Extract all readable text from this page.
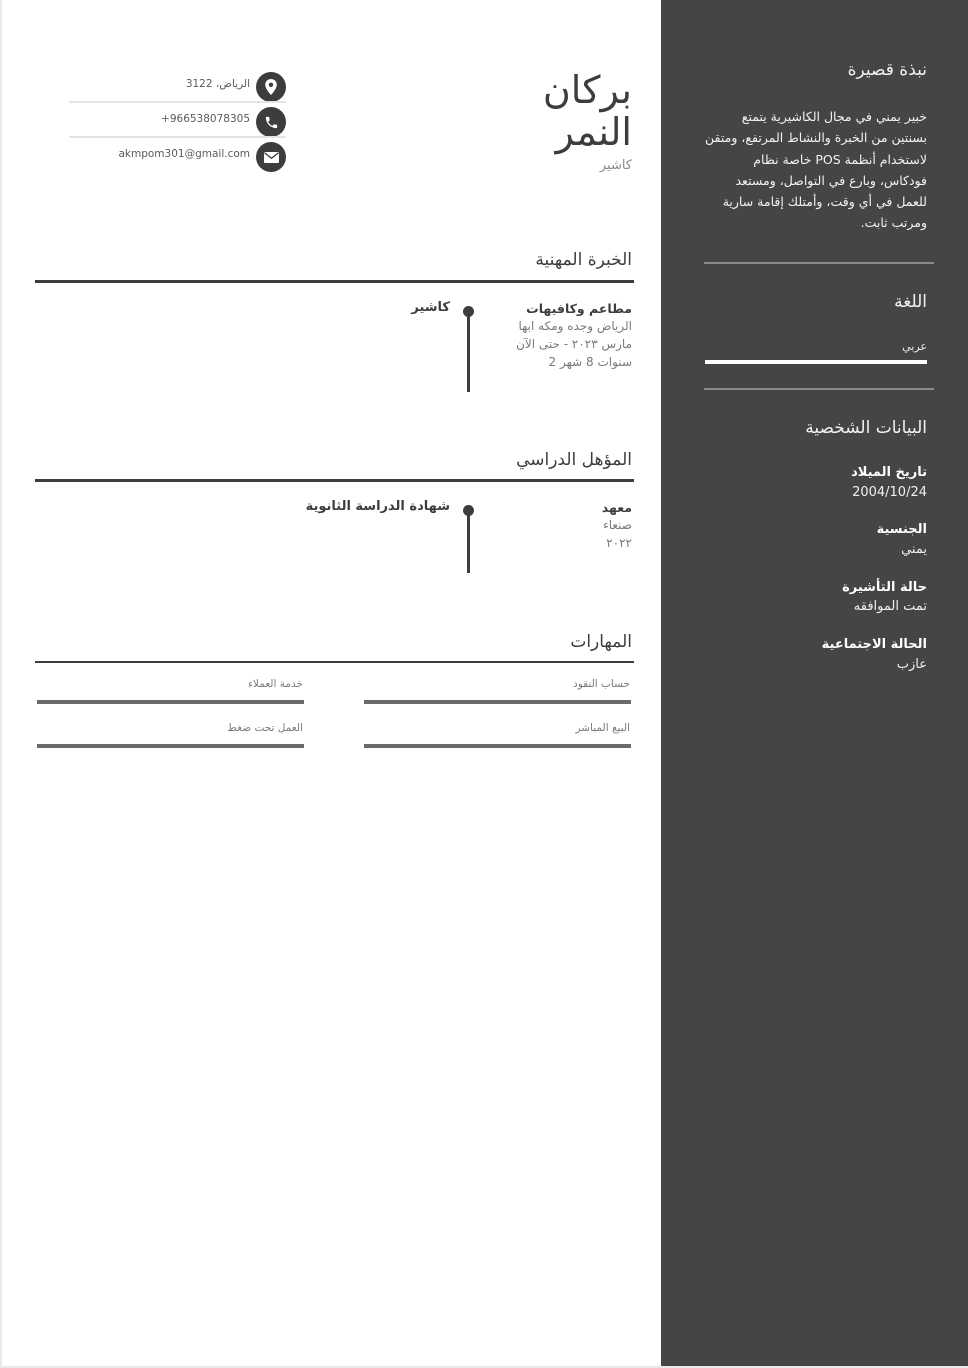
بركان
النمر
كاشير
الرياض، 3122
+966538078305
akmpom301@gmail.com
الخبرة المهنية
مطاعم وكافيهات
الرياض وجده ومكه ابها
مارس ٢٠٢٣ - حتى الآن
2 سنوات 8 شهر
كاشير
المؤهل الدراسي
معهد
صنعاء
٢٠٢٢
شهادة الدراسة الثانوية
المهارات
حساب النقود
خدمة العملاء
البيع المباشر
العمل تحت ضغط
نبذة قصيرة
خبير يمني في مجال الكاشيرية يتمتع بسنتين من الخبرة والنشاط المرتفع، ومتقن لاستخدام أنظمة POS خاصة نظام فودكاس، وبارع في التواصل، ومستعد للعمل في أي وقت، وأمتلك إقامة سارية ومرتب ثابت.
اللغة
عربي
البيانات الشخصية
تاريخ الميلاد
2004/10/24
الجنسية
يمني
حالة التأشيرة
تمت الموافقه
الحالة الاجتماعية
عازب
